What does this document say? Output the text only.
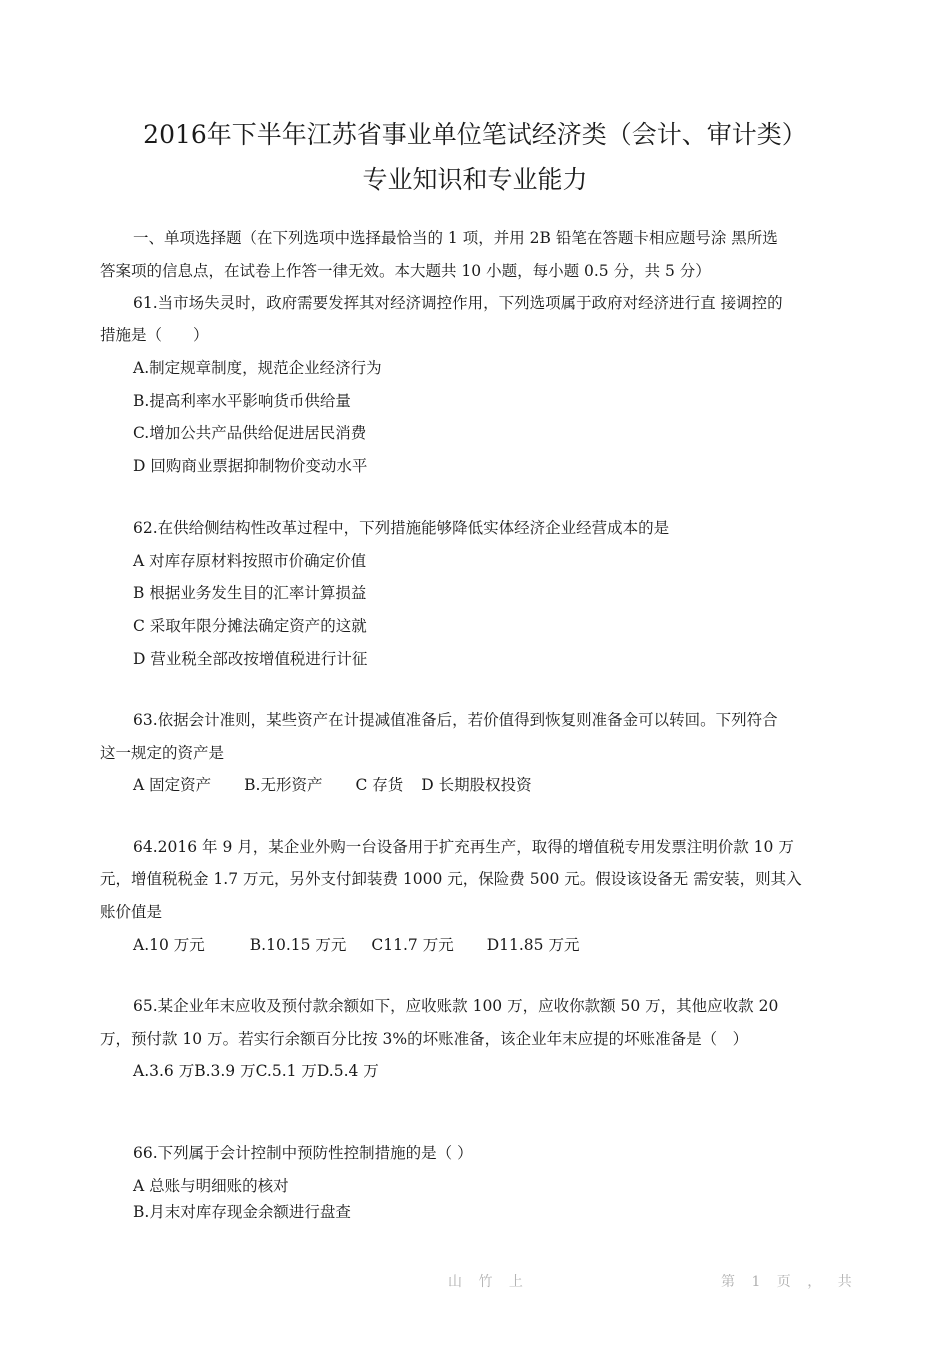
2016年下半年江苏省事业单位笔试经济类（会计、审计类）
专业知识和专业能力
一、单项选择题（在下列选项中选择最恰当的 1 项，并用 2B 铅笔在答题卡相应题号涂 黑所选
答案项的信息点，在试卷上作答一律无效。本大题共 10 小题，每小题 0.5 分，共 5 分）
61.当市场失灵时，政府需要发挥其对经济调控作用，下列选项属于政府对经济进行直 接调控的
措施是（　　）
A.制定规章制度，规范企业经济行为
B.提高利率水平影响货币供给量
C.增加公共产品供给促进居民消费
D 回购商业票据抑制物价变动水平
62.在供给侧结构性改革过程中，下列措施能够降低实体经济企业经营成本的是
A 对库存原材料按照市价确定价值
B 根据业务发生目的汇率计算损益
C 采取年限分摊法确定资产的这就
D 营业税全部改按增值税进行计征
63.依据会计准则，某些资产在计提减值准备后，若价值得到恢复则准备金可以转回。下列符合
这一规定的资产是
A 固定资产 B.无形资产 C 存货 D 长期股权投资
64.2016 年 9 月，某企业外购一台设备用于扩充再生产，取得的增值税专用发票注明价款 10 万
元，增值税税金 1.7 万元，另外支付卸装费 1000 元，保险费 500 元。假设该设备无 需安装，则其入
账价值是
A.10 万元	B.10.15 万元 C11.7 万元 D11.85 万元
65.某企业年末应收及预付款余额如下，应收账款 100 万，应收你款额 50 万，其他应收款 20
万，预付款 10 万。若实行余额百分比按 3%的坏账准备，该企业年末应提的坏账准备是（　）
A.3.6 万B.3.9 万C.5.1 万D.5.4 万
66.下列属于会计控制中预防性控制措施的是（ ）
A 总账与明细账的核对
B.月末对库存现金余额进行盘查
山 竹 上	第 1 页 ， 共
